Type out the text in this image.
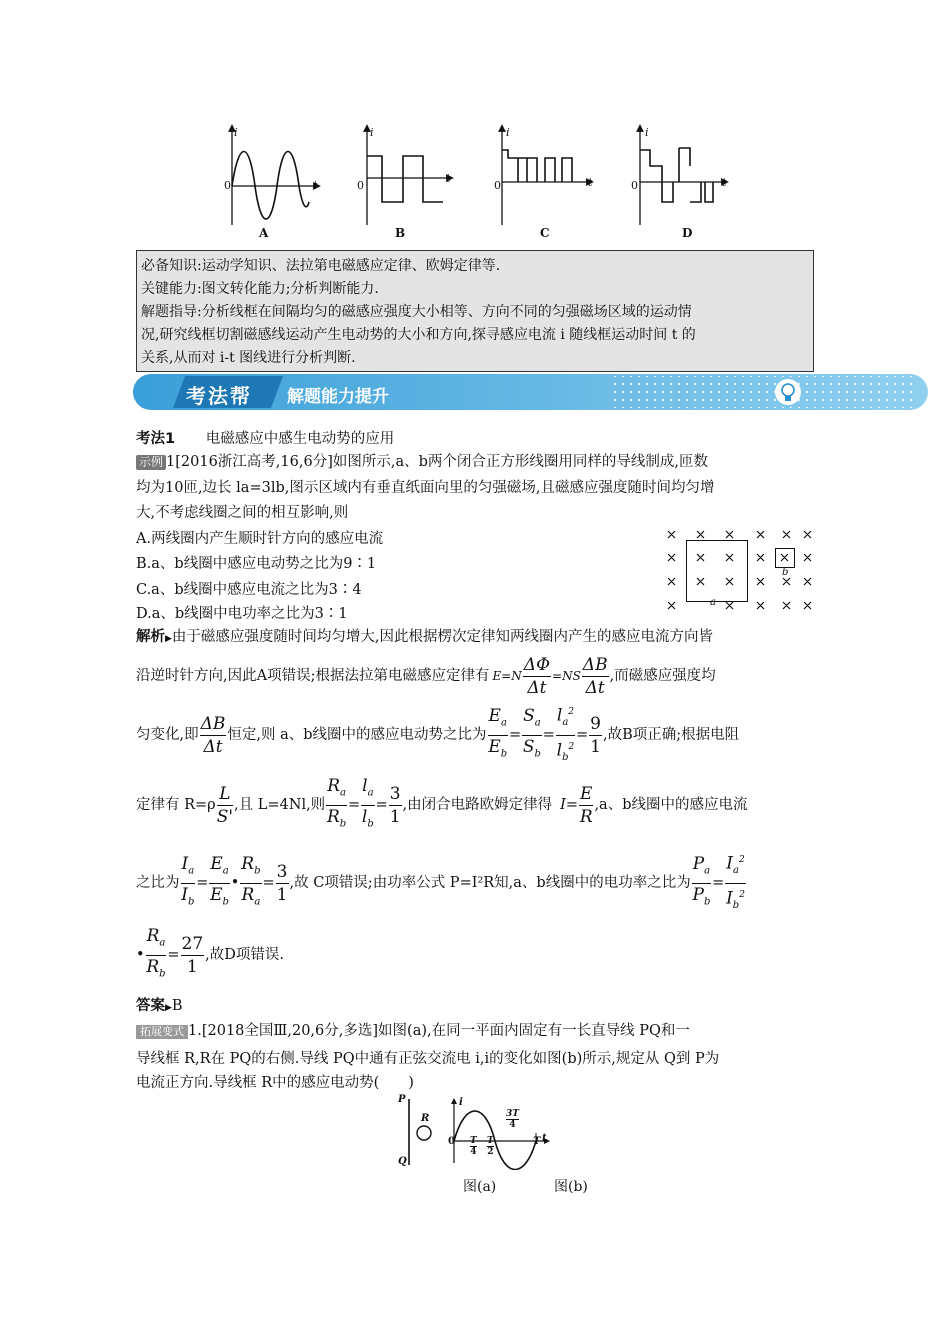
i
t
0
i
t
0
i
t
0
i
t
0
A	B	C	D
必备知识:运动学知识、法拉第电磁感应定律、欧姆定律等.
关键能力:图文转化能力;分析判断能力.
解题指导:分析线框在间隔均匀的磁感应强度大小相等、方向不同的匀强磁场区域的运动情
况,研究线框切割磁感线运动产生电动势的大小和方向,探寻感应电流 i 随线框运动时间 t 的
关系,从而对 i-t 图线进行分析判断.
考法帮 解题能力提升
考法1 电磁感应中感生电动势的应用
示例 1[2016浙江高考,16,6分]如图所示,a、b两个闭合正方形线圈用同样的导线制成,匝数
均为10匝,边长 la=3lb,图示区域内有垂直纸面向里的匀强磁场,且磁感应强度随时间均匀增
大,不考虑线圈之间的相互影响,则
A.两线圈内产生顺时针方向的感应电流
B.a、b线圈中感应电动势之比为9∶1
C.a、b线圈中感应电流之比为3∶4
D.a、b线圈中电功率之比为3∶1
a
b
解析▶由于磁感应强度随时间均匀增大,因此根据楞次定律知两线圈内产生的感应电流方向皆
沿逆时针方向,因此A项错误;根据法拉第电磁感应定律有 $E=N \frac{\Delta\Phi}{\Delta t} =NS \frac{\Delta B}{\Delta t}$ ,而磁感应强度均
匀变化,即 $\frac{\Delta B}{\Delta t}$ 恒定,则 a、b线圈中的感应电动势之比为 $\frac{E_a}{E_b} = \frac{S_a}{S_b} = \frac{l_a^2}{l_b^2} = \frac{9}{1}$ ,故B项正确;根据电阻
定律有 $R=\rho \frac{L}{S'}$ ,且 L=4Nl,则 $\frac{R_a}{R_b} = \frac{l_a}{l_b} = \frac{3}{1}$ ,由闭合电路欧姆定律得 $I= \frac{E}{R} ,a$、b线圈中的感应电流
之比为 $\frac{I_a}{I_b} = \frac{E_a}{E_b}$ • $\frac{R_b}{R_a} = \frac{3}{1}$ ,故 C项错误;由功率公式 P=I²R知,a、b线圈中的电功率之比为 $\frac{P_a}{P_b} = \frac{I_a^2}{I_b^2}$
• $\frac{R_a}{R_b} = \frac{27}{1}$ ,故D项错误.
答案▶B
拓展变式 1.[2018全国Ⅲ,20,6分,多选]如图(a),在同一平面内固定有一长直导线 PQ和一
导线框 R,R在 PQ的右侧.导线 PQ中通有正弦交流电 i,i的变化如图(b)所示,规定从 Q到 P为
电流正方向.导线框 R中的感应电动势(　　)
P
Q
R
i
0	t
T
$\frac{T}{4} \frac{T}{2}$
$\frac{3T}{4}$
图(a)	图(b)
